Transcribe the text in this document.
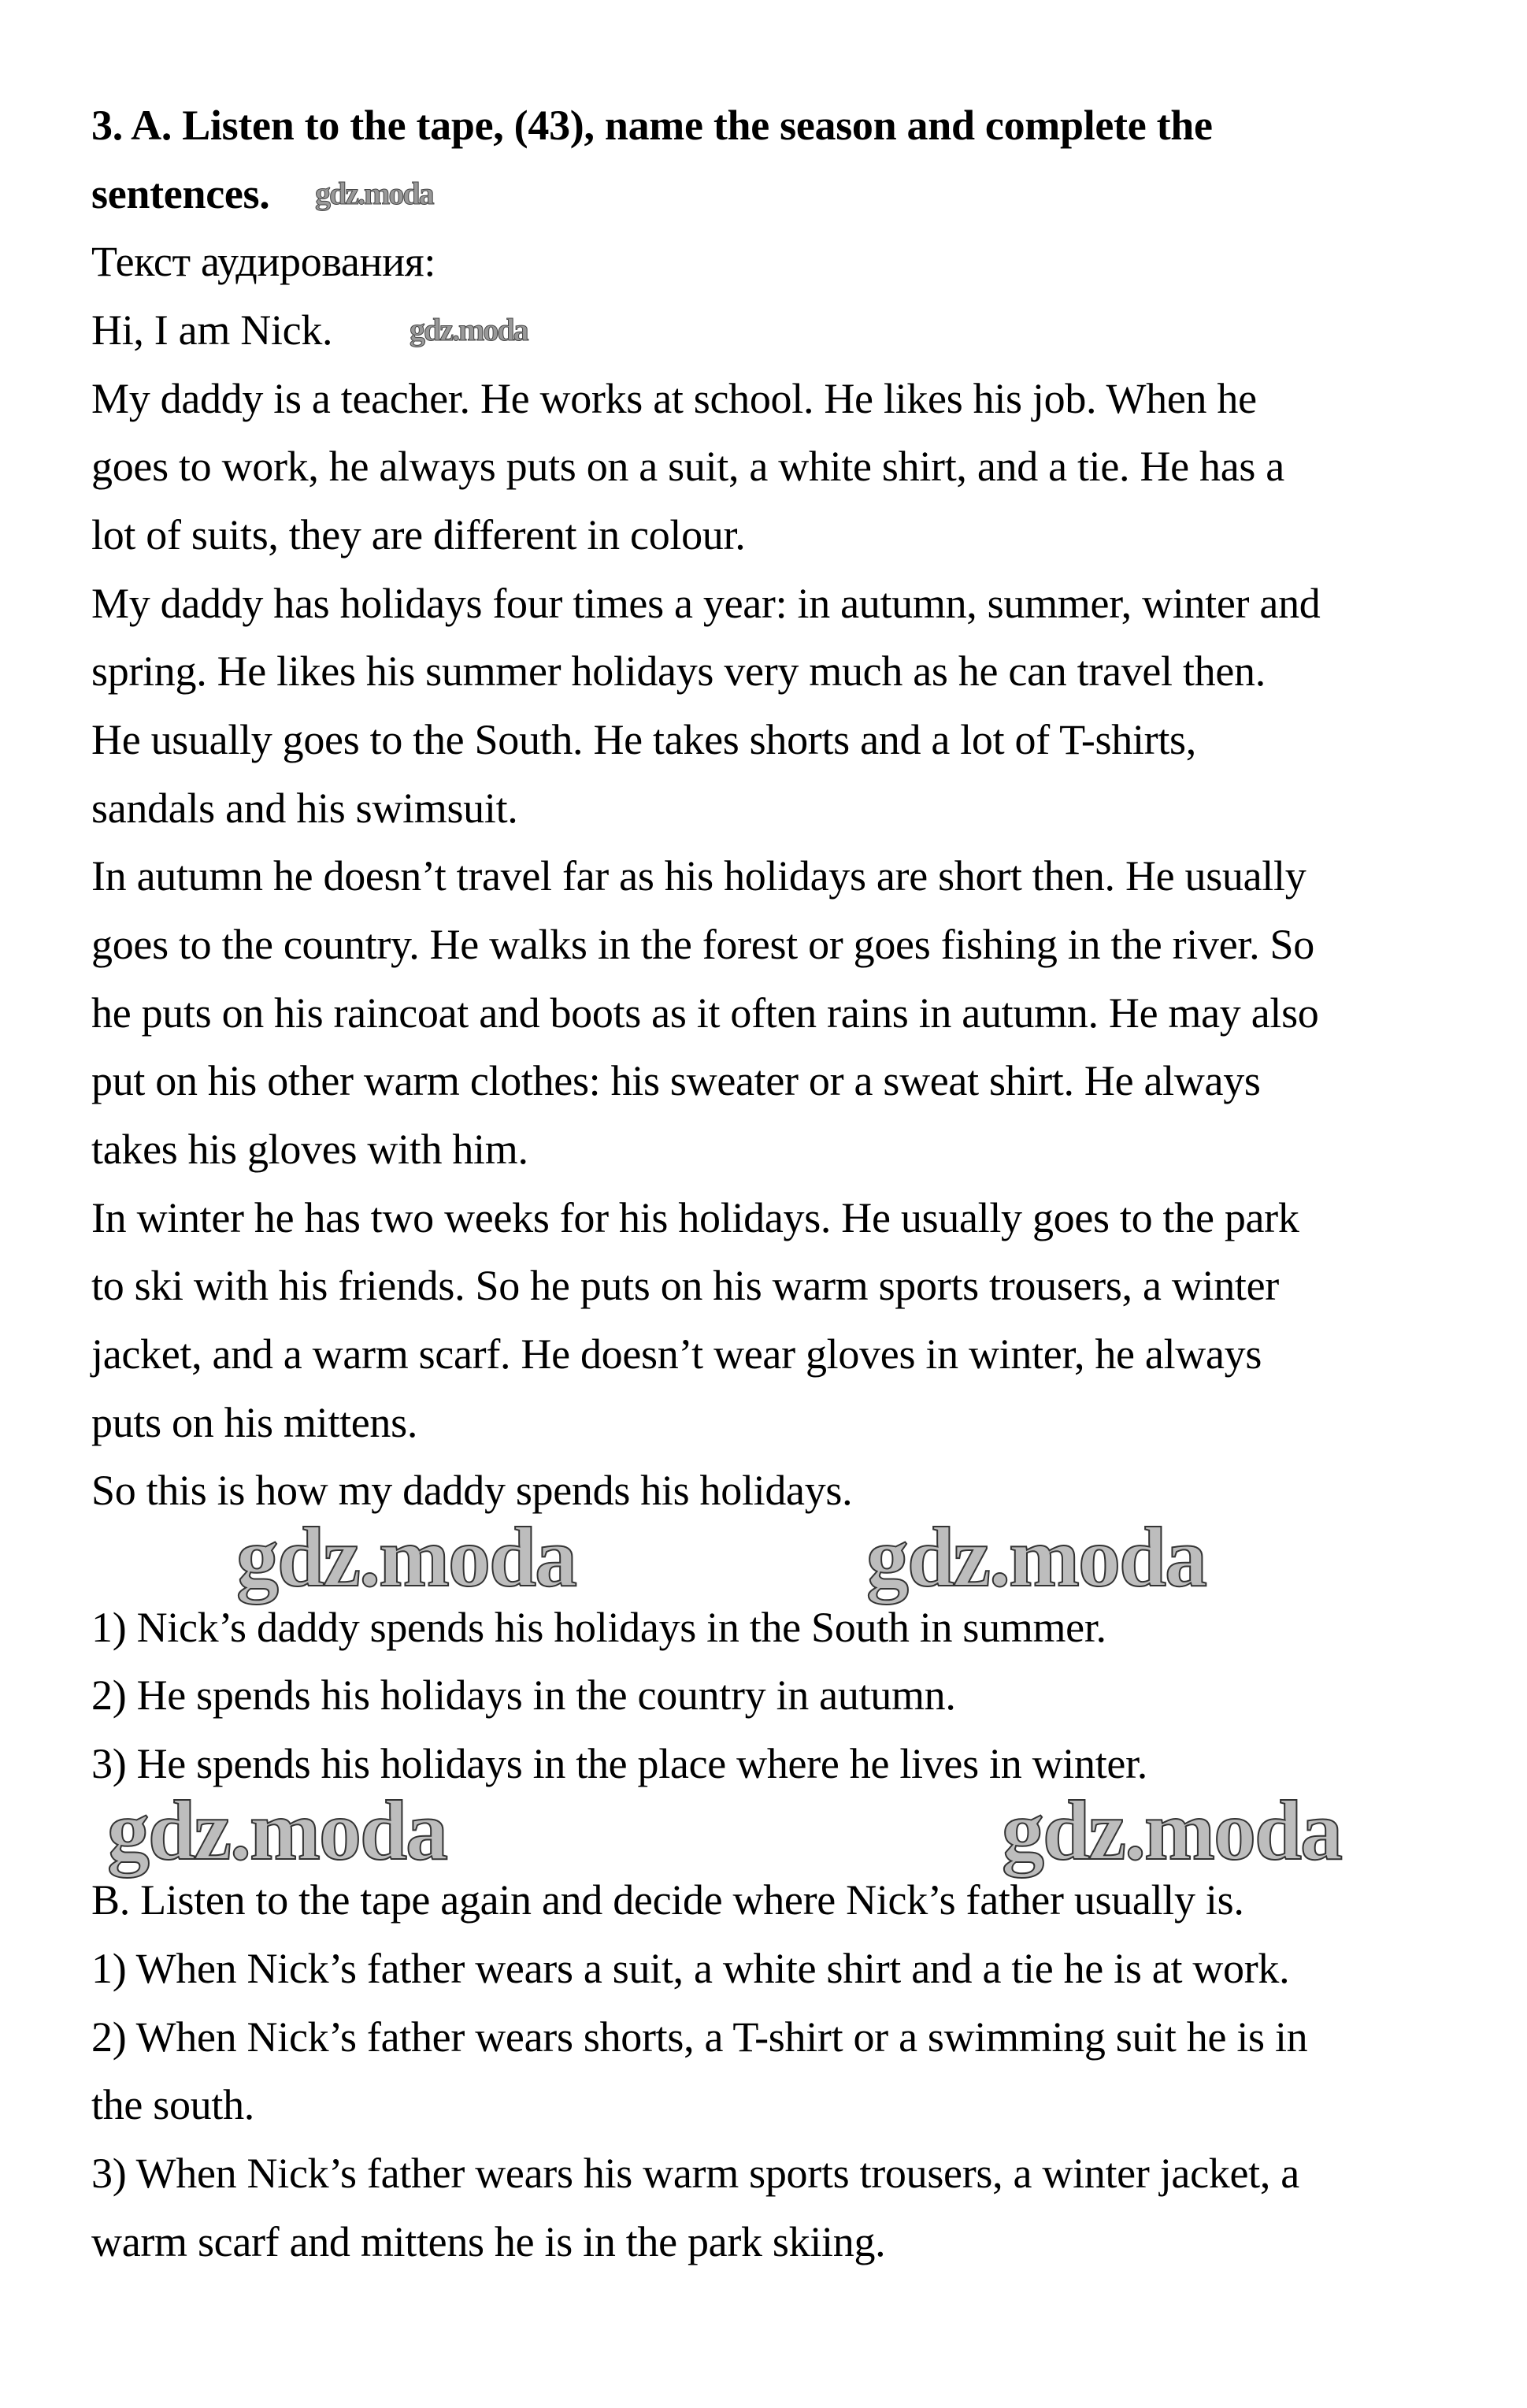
3. A. Listen to the tape, (43), name the season and complete the
sentences.
Текст аудирования:
Hi, I am Nick.
My daddy is a teacher. He works at school. He likes his job. When he
goes to work, he always puts on a suit, a white shirt, and a tie. He has a
lot of suits, they are different in colour.
My daddy has holidays four times a year: in autumn, summer, winter and
spring. He likes his summer holidays very much as he can travel then.
He usually goes to the South. He takes shorts and a lot of T-shirts,
sandals and his swimsuit.
In autumn he doesn’t travel far as his holidays are short then. He usually
goes to the country. He walks in the forest or goes fishing in the river. So
he puts on his raincoat and boots as it often rains in autumn. He may also
put on his other warm clothes: his sweater or a sweat shirt. He always
takes his gloves with him.
In winter he has two weeks for his holidays. He usually goes to the park
to ski with his friends. So he puts on his warm sports trousers, a winter
jacket, and a warm scarf. He doesn’t wear gloves in winter, he always
puts on his mittens.
So this is how my daddy spends his holidays.
1) Nick’s daddy spends his holidays in the South in summer.
2) He spends his holidays in the country in autumn.
3) He spends his holidays in the place where he lives in winter.
B. Listen to the tape again and decide where Nick’s father usually is.
1) When Nick’s father wears a suit, a white shirt and a tie he is at work.
2) When Nick’s father wears shorts, a T-shirt or a swimming suit he is in
the south.
3) When Nick’s father wears his warm sports trousers, a winter jacket, a
warm scarf and mittens he is in the park skiing.
gdz.moda
gdz.moda
gdz.moda	gdz.moda
gdz.moda	gdz.moda
